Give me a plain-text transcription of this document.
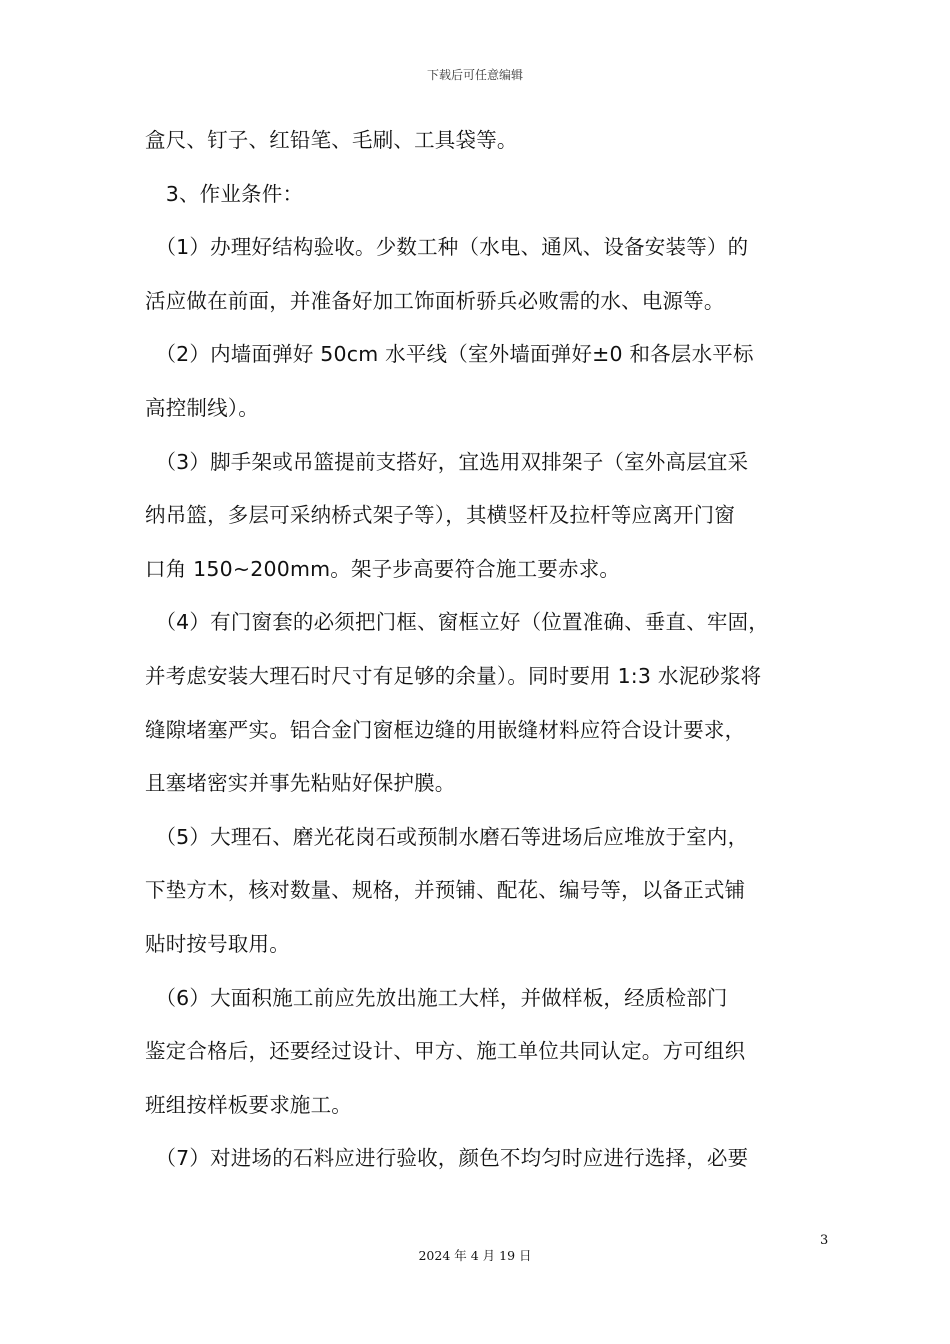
下载后可任意编辑
盒尺、钉子、红铅笔、毛刷、工具袋等。
　3、作业条件：
　（1）办理好结构验收。少数工种（水电、通风、设备安装等）的
活应做在前面，并准备好加工饰面析骄兵必败需的水、电源等。
　（2）内墙面弹好 50cm 水平线（室外墙面弹好±0 和各层水平标
高控制线）。
　（3）脚手架或吊篮提前支搭好，宜选用双排架子（室外高层宜采
纳吊篮，多层可采纳桥式架子等），其横竖杆及拉杆等应离开门窗
口角 150~200mm。架子步高要符合施工要赤求。
　（4）有门窗套的必须把门框、窗框立好（位置准确、垂直、牢固，
并考虑安装大理石时尺寸有足够的余量）。同时要用 1:3 水泥砂浆将
缝隙堵塞严实。铝合金门窗框边缝的用嵌缝材料应符合设计要求，
且塞堵密实并事先粘贴好保护膜。
　（5）大理石、磨光花岗石或预制水磨石等进场后应堆放于室内，
下垫方木，核对数量、规格，并预铺、配花、编号等，以备正式铺
贴时按号取用。
　（6）大面积施工前应先放出施工大样，并做样板，经质检部门
鉴定合格后，还要经过设计、甲方、施工单位共同认定。方可组织
班组按样板要求施工。
　（7）对进场的石料应进行验收，颜色不均匀时应进行选择，必要
3
2024 年 4 月 19 日
